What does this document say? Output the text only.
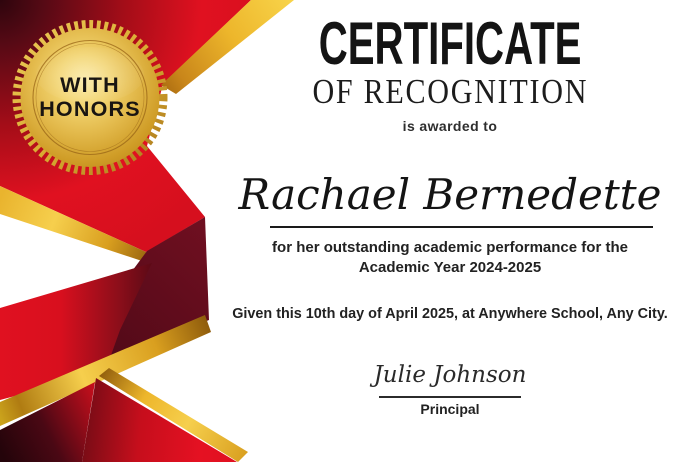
WITH
HONORS
CERTIFICATE
OF RECOGNITION
is awarded to
Rachael Bernedette
for her outstanding academic performance for the
Academic Year 2024-2025
Given this 10th day of April 2025, at Anywhere School, Any City.
Julie Johnson
Principal
